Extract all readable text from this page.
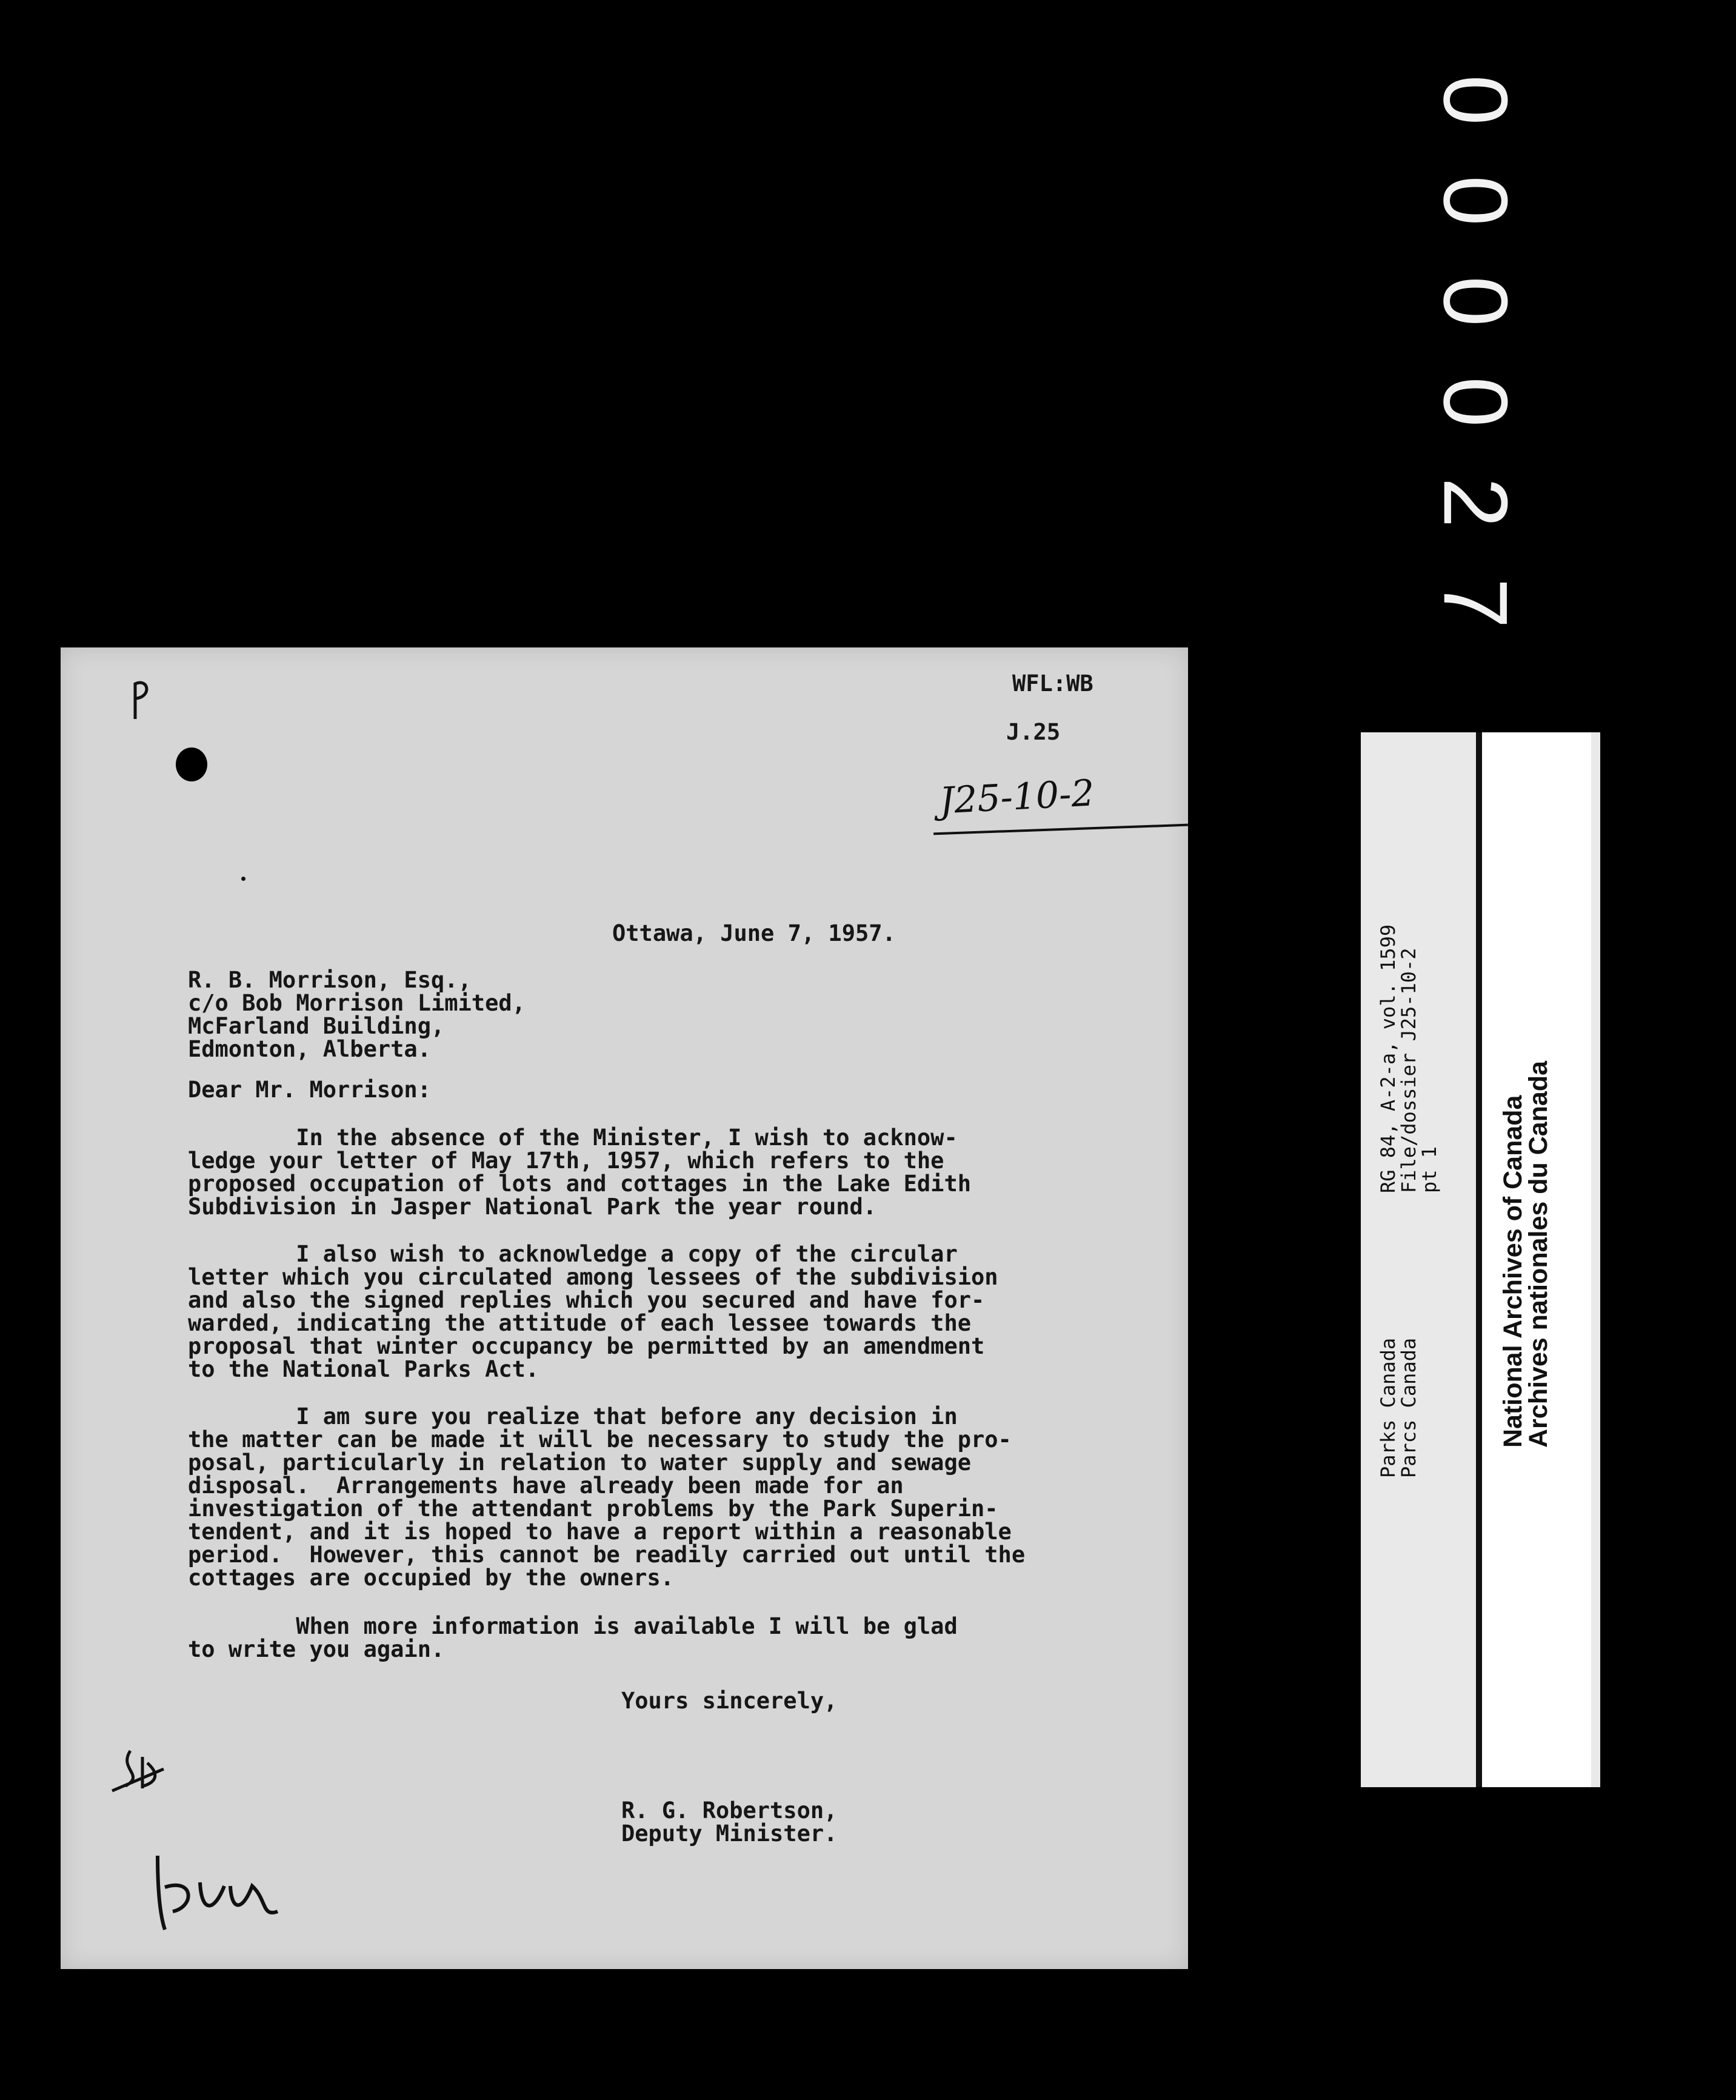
0
0
0
0
2
7
WFL:WB
J.25
J25-10-2
Ottawa, June 7, 1957.
R. B. Morrison, Esq.,
c/o Bob Morrison Limited,
McFarland Building,
Edmonton, Alberta.
Dear Mr. Morrison:
In the absence of the Minister, I wish to acknow-
ledge your letter of May 17th, 1957, which refers to the
proposed occupation of lots and cottages in the Lake Edith
Subdivision in Jasper National Park the year round.
I also wish to acknowledge a copy of the circular
letter which you circulated among lessees of the subdivision
and also the signed replies which you secured and have for-
warded, indicating the attitude of each lessee towards the
proposal that winter occupancy be permitted by an amendment
to the National Parks Act.
I am sure you realize that before any decision in
the matter can be made it will be necessary to study the pro-
posal, particularly in relation to water supply and sewage
disposal.  Arrangements have already been made for an
investigation of the attendant problems by the Park Superin-
tendent, and it is hoped to have a report within a reasonable
period.  However, this cannot be readily carried out until the
cottages are occupied by the owners.
When more information is available I will be glad
to write you again.
Yours sincerely,
R. G. Robertson,
Deputy Minister.
Parks Canada
Parcs Canada
RG 84, A-2-a, vol. 1599
File/dossier J25-10-2
pt 1 National Archives of Canada
Archives nationales du Canada
